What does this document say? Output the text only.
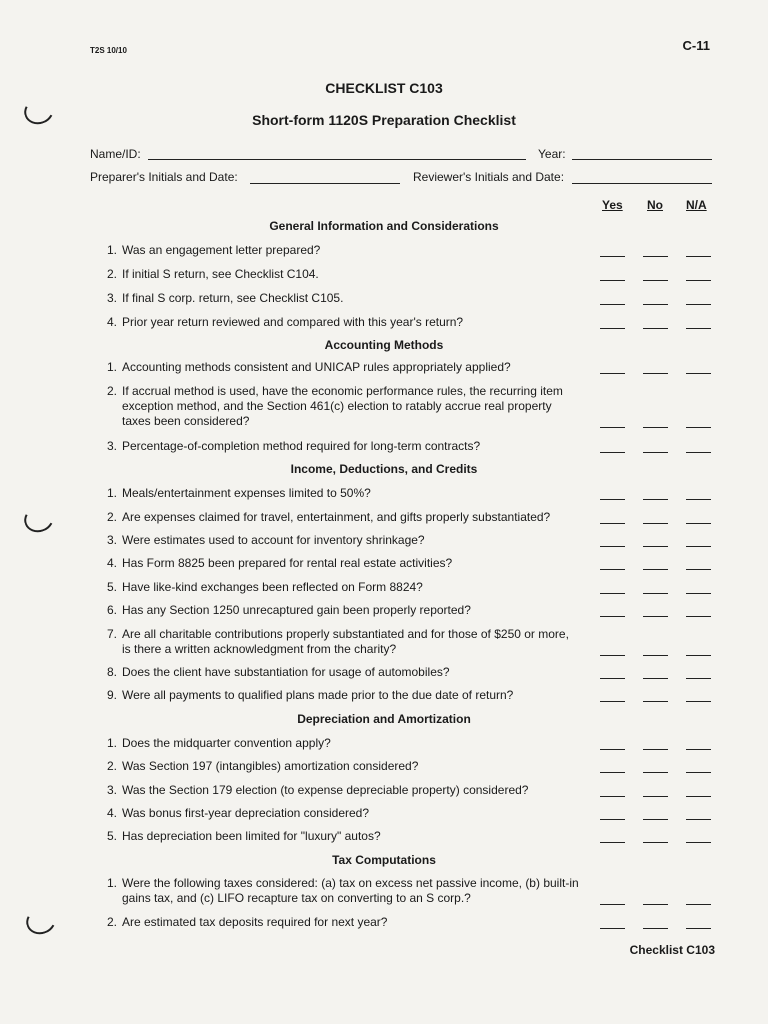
T2S 10/10	C-11
CHECKLIST C103
Short-form 1120S Preparation Checklist
Name/ID:	Year:
Preparer's Initials and Date:	Reviewer's Initials and Date:
Yes No N/A
General Information and Considerations
1. Was an engagement letter prepared?
2. If initial S return, see Checklist C104.
3. If final S corp. return, see Checklist C105.
4. Prior year return reviewed and compared with this year's return?
Accounting Methods
1. Accounting methods consistent and UNICAP rules appropriately applied?
2. If accrual method is used, have the economic performance rules, the recurring item
exception method, and the Section 461(c) election to ratably accrue real property
taxes been considered?
3. Percentage-of-completion method required for long-term contracts?
Income, Deductions, and Credits
1. Meals/entertainment expenses limited to 50%?
2. Are expenses claimed for travel, entertainment, and gifts properly substantiated?
3. Were estimates used to account for inventory shrinkage?
4. Has Form 8825 been prepared for rental real estate activities?
5. Have like-kind exchanges been reflected on Form 8824?
6. Has any Section 1250 unrecaptured gain been properly reported?
7. Are all charitable contributions properly substantiated and for those of $250 or more,
is there a written acknowledgment from the charity?
8. Does the client have substantiation for usage of automobiles?
9. Were all payments to qualified plans made prior to the due date of return?
Depreciation and Amortization
1. Does the midquarter convention apply?
2. Was Section 197 (intangibles) amortization considered?
3. Was the Section 179 election (to expense depreciable property) considered?
4. Was bonus first-year depreciation considered?
5. Has depreciation been limited for "luxury" autos?
Tax Computations
1. Were the following taxes considered: (a) tax on excess net passive income, (b) built-in
gains tax, and (c) LIFO recapture tax on converting to an S corp.?
2. Are estimated tax deposits required for next year?
Checklist C103
